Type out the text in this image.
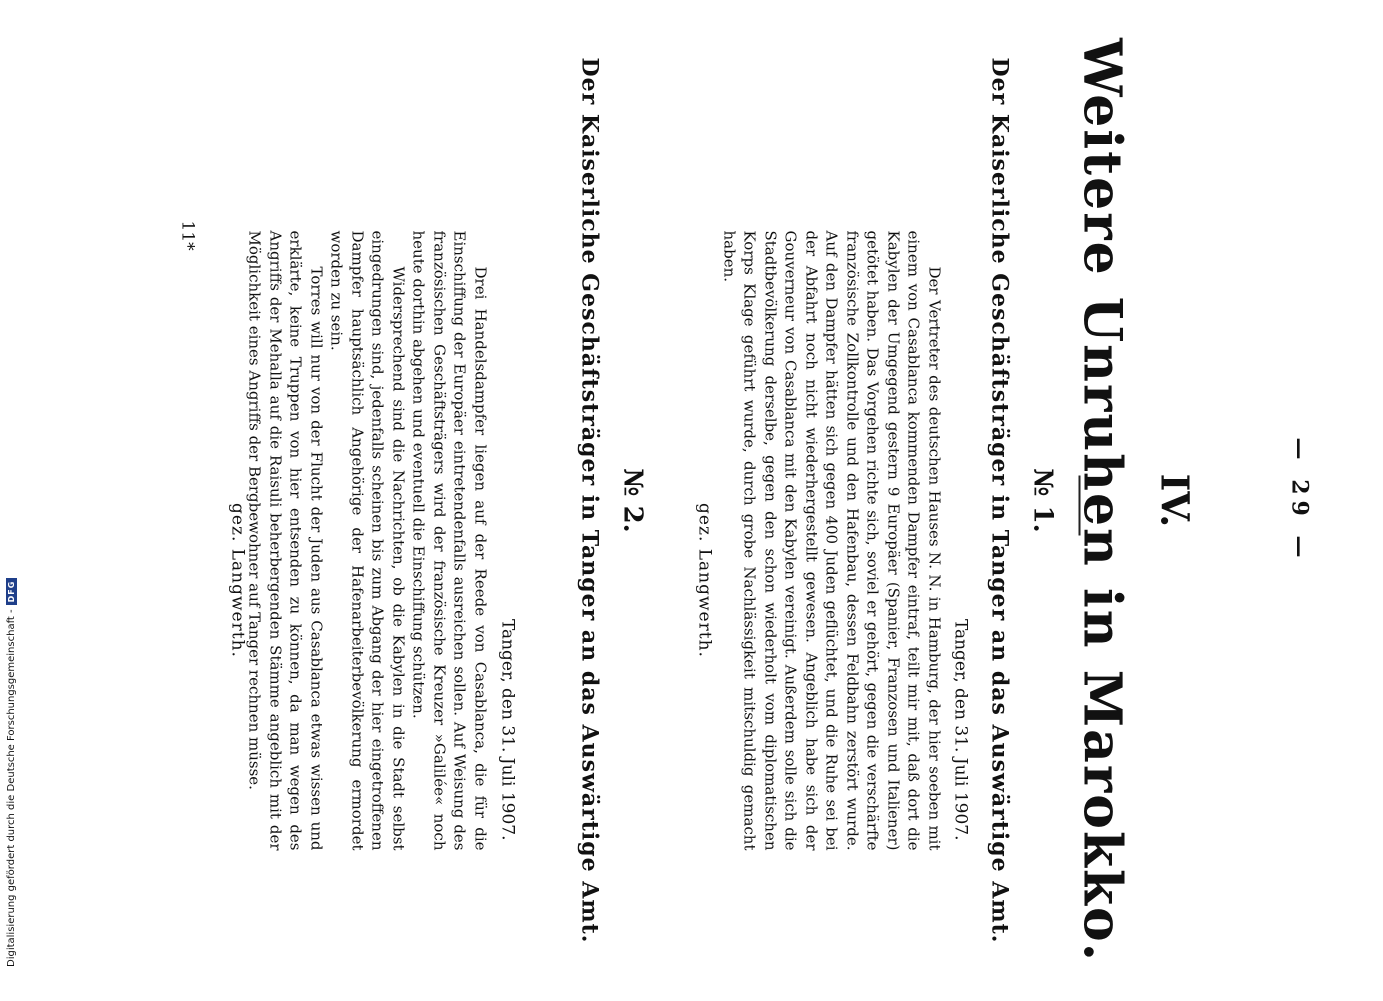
— 29 —
IV.
Weitere Unruhen in Marokko.
№ 1.
Der Kaiserliche Geschäftsträger in Tanger an das Auswärtige Amt.
Tanger, den 31. Juli 1907.

Der Vertreter des deutschen Hauses N. N. in Hamburg, der hier soeben mit einem von Casablanca kommenden Dampfer eintraf, teilt mir mit, daß dort die Kabylen der Umgegend gestern 9 Europäer (Spanier, Franzosen und Italiener) getötet haben. Das Vorgehen richte sich, soviel er gehört, gegen die verschärfte französische Zollkontrolle und den Hafenbau, dessen Feldbahn zerstört wurde. Auf den Dampfer hätten sich gegen 400 Juden geflüchtet, und die Ruhe sei bei der Abfahrt noch nicht wiederhergestellt gewesen. Angeblich habe sich der Gouverneur von Casablanca mit den Kabylen vereinigt. Außerdem solle sich die Stadtbevölkerung derselbe, gegen den schon wiederholt vom diplomatischen Korps Klage geführt wurde, durch grobe Nachlässigkeit mitschuldig gemacht haben.

gez. Langwerth.
№ 2.
Der Kaiserliche Geschäftsträger in Tanger an das Auswärtige Amt.
Tanger, den 31. Juli 1907.

Drei Handelsdampfer liegen auf der Reede von Casablanca, die für die Einschiffung der Europäer eintretendenfalls ausreichen sollen. Auf Weisung des französischen Geschäftsträgers wird der französische Kreuzer »Galilée« noch heute dorthin abgehen und eventuell die Einschiffung schützen.

Widersprechend sind die Nachrichten, ob die Kabylen in die Stadt selbst eingedrungen sind, jedenfalls scheinen bis zum Abgang der hier eingetroffenen Dampfer hauptsächlich Angehörige der Hafenarbeiterbevölkerung ermordet worden zu sein.

Torres will nur von der Flucht der Juden aus Casablanca etwas wissen und erklärte, keine Truppen von hier entsenden zu können, da man wegen des Angriffs der Mehalla auf die Raisuli beherbergenden Stämme angeblich mit der Möglichkeit eines Angriffs der Bergbewohner auf Tanger rechnen müsse.

gez. Langwerth.
11*
Digitalisierung gefördert durch die Deutsche Forschungsgemeinschaft -
DFG
